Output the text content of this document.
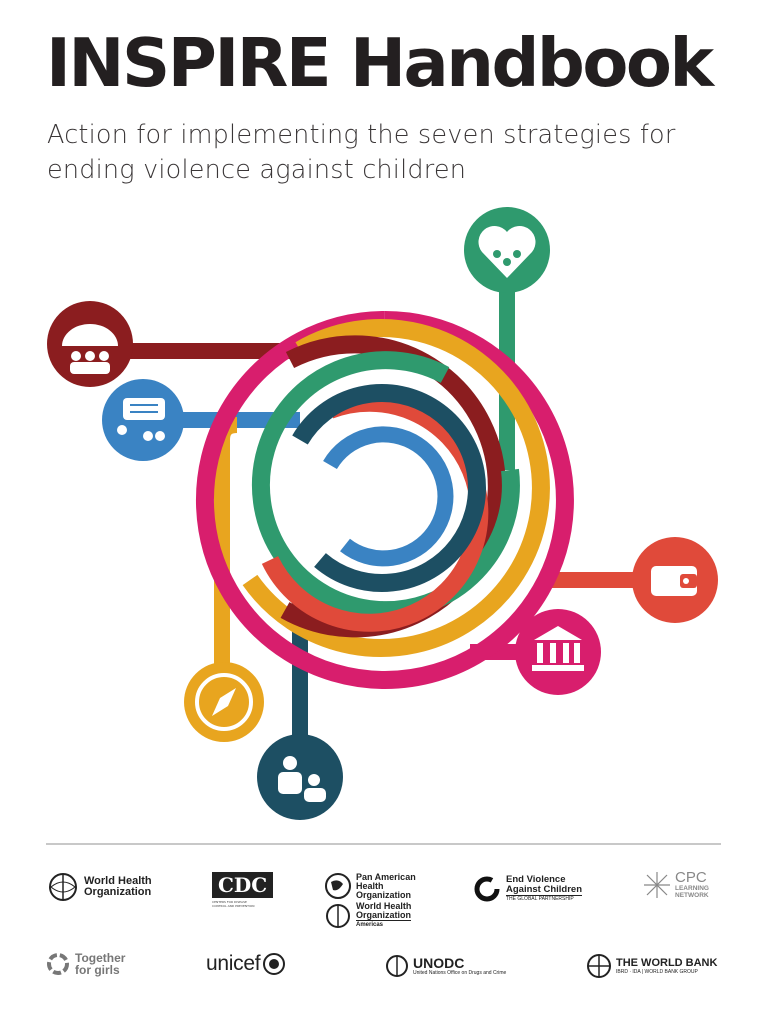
INSPIRE Handbook
Action for implementing the seven strategies for
ending violence against children
World Health
Organization	CDC
CENTERS FOR DISEASE CONTROL AND PREVENTION
Pan American
Health
Organization
World Health
Organization
Americas
End Violence
Against Children
THE GLOBAL PARTNERSHIP
CPC
LEARNING
NETWORK
Together
for girls	unicef	UNODC
United Nations Office on Drugs and Crime
THE WORLD BANK
IBRD · IDA | WORLD BANK GROUP
